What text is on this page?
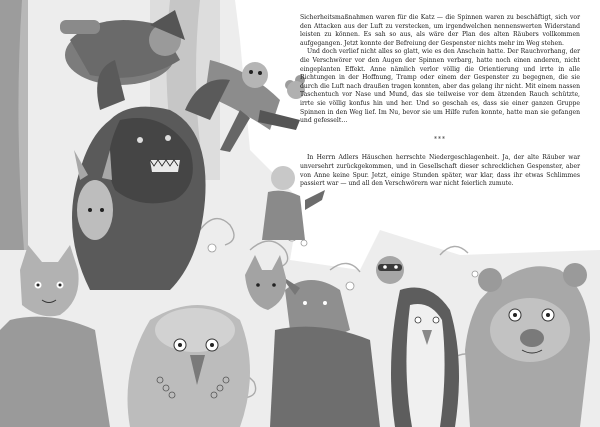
Sicherheitsmaßnahmen waren für die Katz — die Spinnen waren zu beschäftigt, sich vor den Attacken aus der Luft zu verstecken, um irgendwelchen nennenswerten Widerstand leisten zu können. Es sah so aus, als wäre der Plan des alten Räubers vollkommen aufgegangen. Jetzt konnte der Befreiung der Gespenster nichts mehr im Weg stehen.

Und doch verlief nicht alles so glatt, wie es den Anschein hatte. Der Rauchvorhang, der die Verschwörer vor den Augen der Spinnen verbarg, hatte noch einen anderen, nicht eingeplanten Effekt. Anne nämlich verlor völlig die Orientierung und irrte in alle Richtungen in der Hoffnung, Tramp oder einem der Gespenster zu begegnen, die sie durch die Luft nach draußen tragen konnten, aber das gelang ihr nicht. Mit einem nassen Taschentuch vor Nase und Mund, das sie teilweise vor dem ätzenden Rauch schützte, irrte sie völlig konfus hin und her. Und so geschah es, dass sie einer ganzen Gruppe Spinnen in den Weg lief. Im Nu, bevor sie um Hilfe rufen konnte, hatte man sie gefangen und gefesselt…

***

In Herrn Adlers Häuschen herrschte Niedergeschlagenheit. Ja, der alte Räuber war unversehrt zurückgekommen, und in Gesellschaft dieser schrecklichen Gespenster, aber von Anne keine Spur. Jetzt, einige Stunden später, war klar, dass ihr etwas Schlimmes passiert war — und all den Verschwörern war nicht feierlich zumute.
